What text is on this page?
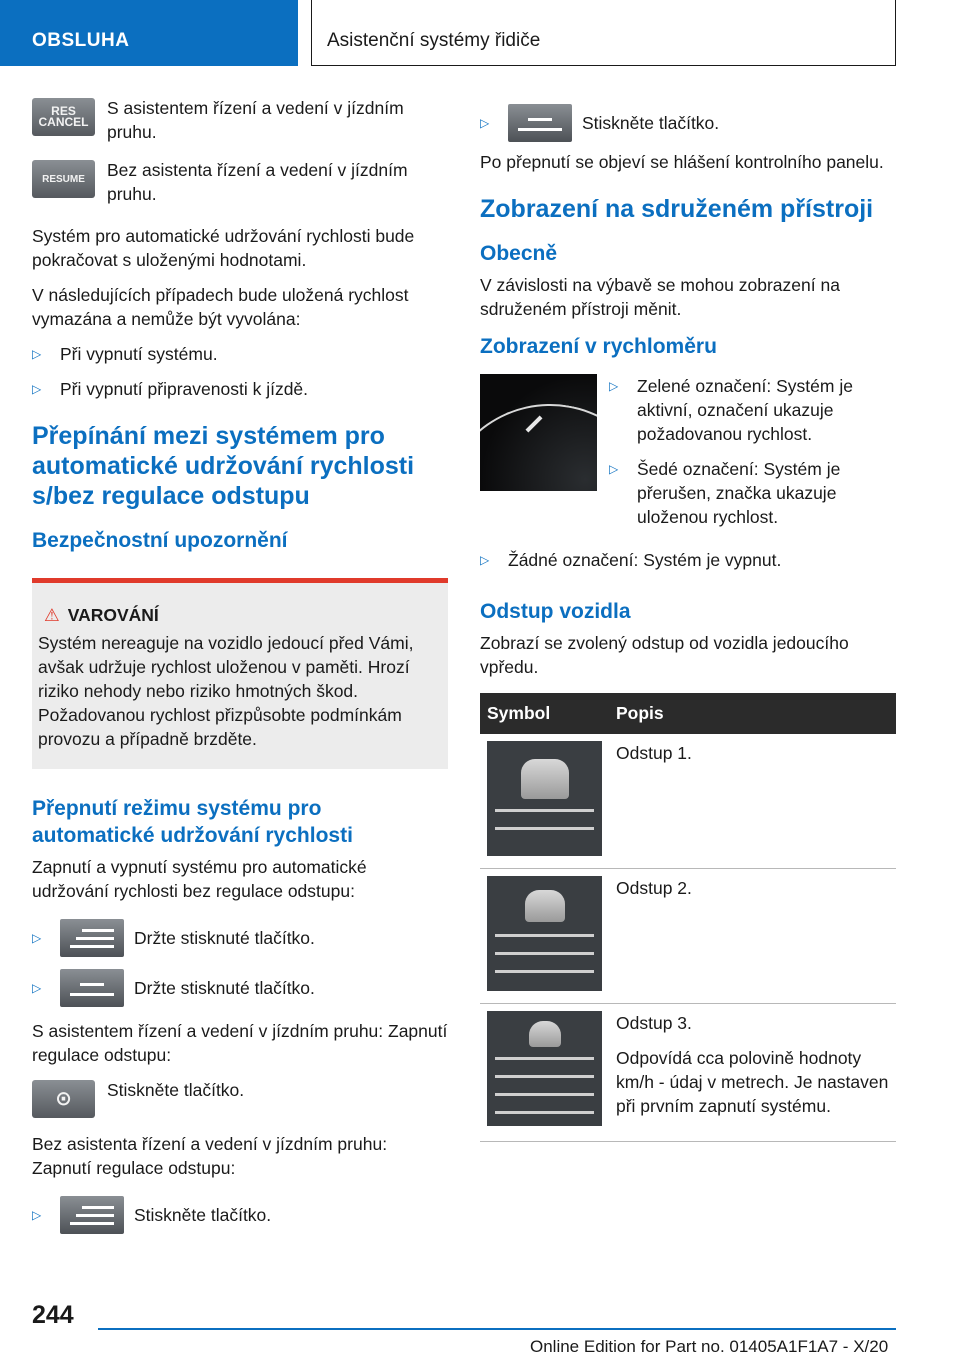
OBSLUHA	Asistenční systémy řidiče
RES
CANCEL
S asistentem řízení a vedení v jízdním pruhu.
RESUME	Bez asistenta řízení a vedení v jízdním pruhu.

Systém pro automatické udržování rychlosti bude pokračovat s uloženými hodnotami.

V následujících případech bude uložená rychlost vymazána a nemůže být vyvolána:

▷	Při vypnutí systému.
▷	Při vypnutí připravenosti k jízdě.
Přepínání mezi systémem pro automatické udržování rychlosti s/bez regulace odstupu
Bezpečnostní upozornění
⚠ VAROVÁNÍ

Systém nereaguje na vozidlo jedoucí před Vámi, avšak udržuje rychlost uloženou v paměti. Hrozí riziko nehody nebo riziko hmotných škod. Požadovanou rychlost přizpůsobte podmínkám provozu a případně brzděte.

Přepnutí režimu systému pro automatické udržování rychlosti

Zapnutí a vypnutí systému pro automatické udržování rychlosti bez regulace odstupu:

▷	Držte stisknuté tlačítko.
▷	Držte stisknuté tlačítko.

S asistentem řízení a vedení v jízdním pruhu: Zapnutí regulace odstupu:

⊙	Stiskněte tlačítko.

Bez asistenta řízení a vedení v jízdním pruhu: Zapnutí regulace odstupu:

▷	Stiskněte tlačítko.
▷	Stiskněte tlačítko.

Po přepnutí se objeví se hlášení kontrolního panelu.

Zobrazení na sdruženém přístroji
Obecně

V závislosti na výbavě se mohou zobrazení na sdruženém přístroji měnit.

Zobrazení v rychloměru
▷	Zelené označení: Systém je aktivní, označení ukazuje požadovanou rychlost.
▷	Šedé označení: Systém je přerušen, značka ukazuje uloženou rychlost.
▷	Žádné označení: Systém je vypnut.
Odstup vozidla

Zobrazí se zvolený odstup od vozidla jedoucího vpředu.

Symbol	Popis

	Odstup 1.

	Odstup 2.

	Odstup 3.

Odpovídá cca polovině hodnoty km/h - údaj v metrech. Je nastaven při prvním zapnutí systému.

244
Online Edition for Part no. 01405A1F1A7 - X/20
